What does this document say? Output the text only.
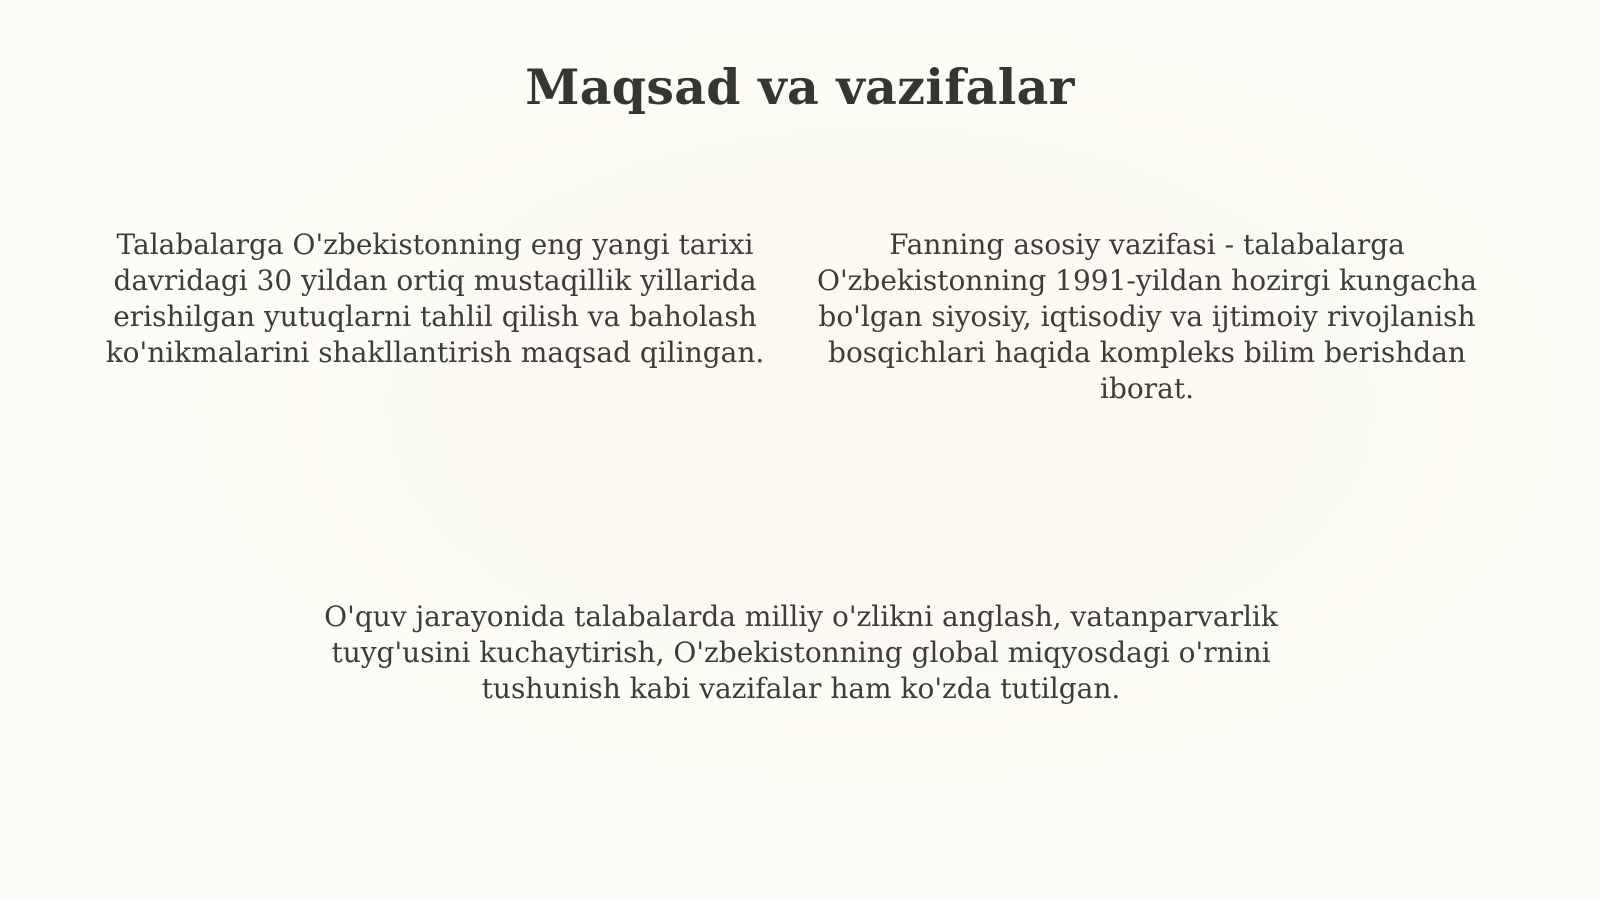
Maqsad va vazifalar
Talabalarga O'zbekistonning eng yangi tarixi davridagi 30 yildan ortiq mustaqillik yillarida erishilgan yutuqlarni tahlil qilish va baholash ko'nikmalarini shakllantirish maqsad qilingan.
Fanning asosiy vazifasi - talabalarga O'zbekistonning 1991-yildan hozirgi kungacha bo'lgan siyosiy, iqtisodiy va ijtimoiy rivojlanish bosqichlari haqida kompleks bilim berishdan iborat.
O'quv jarayonida talabalarda milliy o'zlikni anglash, vatanparvarlik tuyg'usini kuchaytirish, O'zbekistonning global miqyosdagi o'rnini tushunish kabi vazifalar ham ko'zda tutilgan.
